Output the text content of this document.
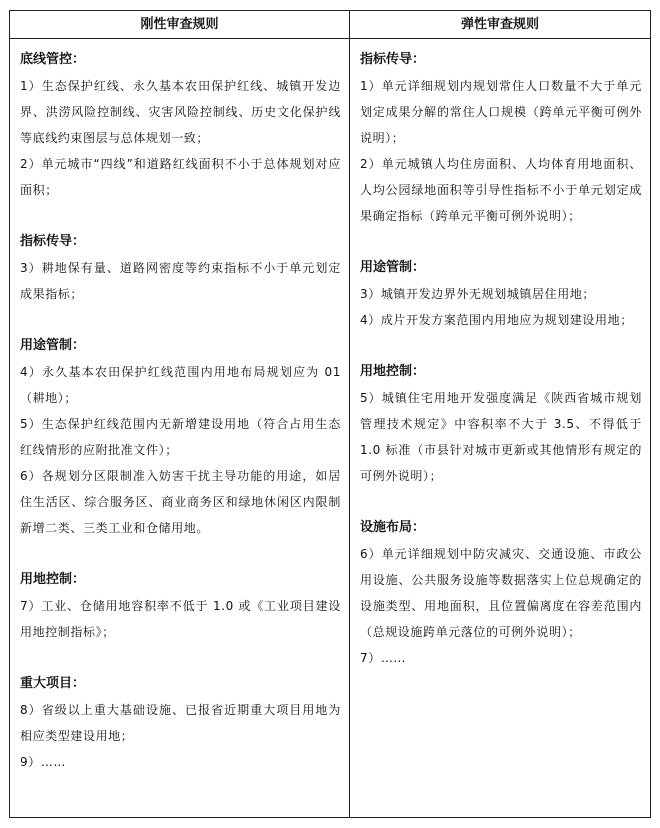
刚性审查规则	弹性审查规则
底线管控：
1）生态保护红线、永久基本农田保护红线、城镇开发边界、洪涝风险控制线、灾害风险控制线、历史文化保护线等底线约束图层与总体规划一致；
2）单元城市“四线”和道路红线面积不小于总体规划对应面积；
指标传导：
3）耕地保有量、道路网密度等约束指标不小于单元划定成果指标；
用途管制：
4）永久基本农田保护红线范围内用地布局规划应为 01（耕地）；
5）生态保护红线范围内无新增建设用地（符合占用生态红线情形的应附批准文件）；
6）各规划分区限制准入妨害干扰主导功能的用途，如居住生活区、综合服务区、商业商务区和绿地休闲区内限制新增二类、三类工业和仓储用地。
用地控制：
7）工业、仓储用地容积率不低于 1.0 或《工业项目建设用地控制指标》；
重大项目：
8）省级以上重大基础设施、已报省近期重大项目用地为相应类型建设用地；
9）……
指标传导：
1）单元详细规划内规划常住人口数量不大于单元划定成果分解的常住人口规模（跨单元平衡可例外说明）；
2）单元城镇人均住房面积、人均体育用地面积、人均公园绿地面积等引导性指标不小于单元划定成果确定指标（跨单元平衡可例外说明）；
用途管制：
3）城镇开发边界外无规划城镇居住用地；
4）成片开发方案范围内用地应为规划建设用地；
用地控制：
5）城镇住宅用地开发强度满足《陕西省城市规划管理技术规定》中容积率不大于 3.5、不得低于 1.0 标准（市县针对城市更新或其他情形有规定的可例外说明）；
设施布局：
6）单元详细规划中防灾减灾、交通设施、市政公用设施、公共服务设施等数据落实上位总规确定的设施类型、用地面积，且位置偏离度在容差范围内（总规设施跨单元落位的可例外说明）；
7）……
